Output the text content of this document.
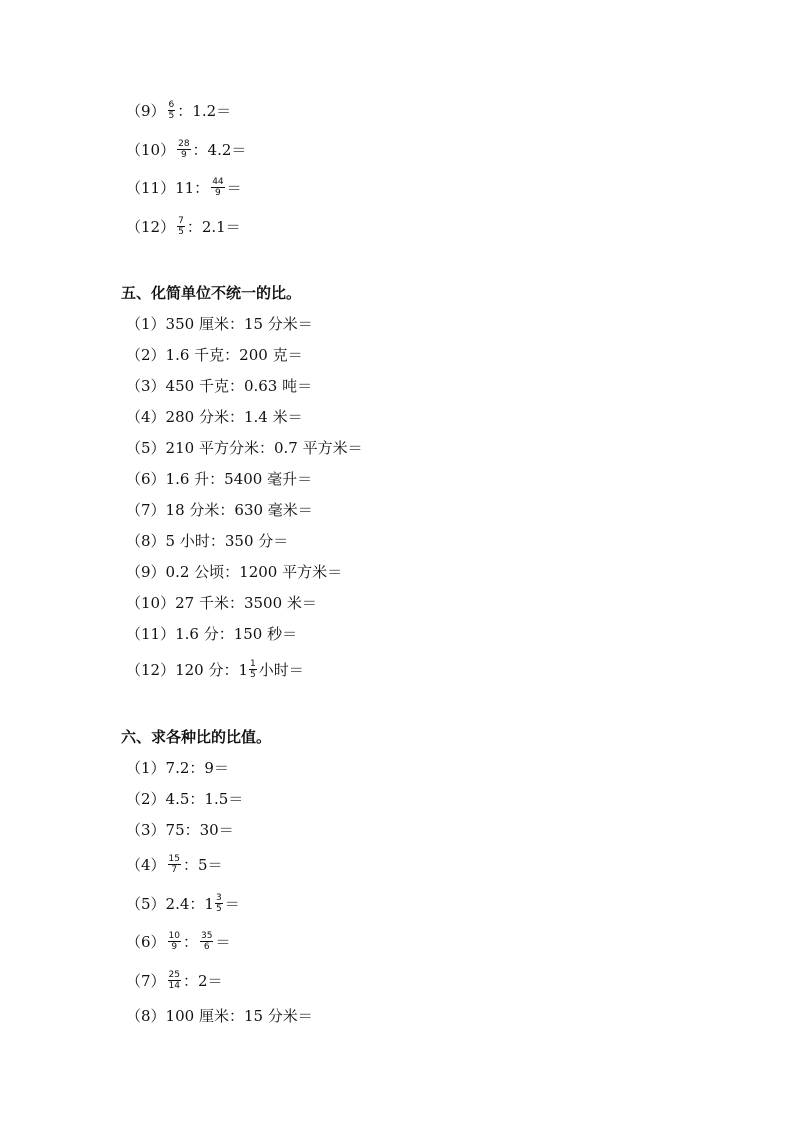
$(9) \frac{6}{5}$ ：1.2＝
$(10) \frac{28}{9}$ ：4.2＝
（11） 11： $\frac{44}{9}$ ＝
$(12) \frac{7}{5}$ ：2.1＝
五、化简单位不统一的比。
（1） 350 厘米：15 分米＝
（2） 1.6 千克：200 克＝
（3） 450 千克：0.63 吨＝
（4） 280 分米：1.4 米＝
（5） 210 平方分米：0.7 平方米＝
（6） 1.6 升：5400 毫升＝
（7） 18 分米：630 毫米＝
（8） 5 小时：350 分＝
（9） 0.2 公顷：1200 平方米＝
（10） 27 千米：3500 米＝
（11） 1.6 分：150 秒＝
（12） 120 分： $1 \frac{1}{5}$ 小时＝
六、求各种比的比值。
（1） 7.2：9＝
（2） 4.5：1.5＝
（3） 75：30＝
$(4) \frac{15}{7}$ ：5＝
（5） 2.4： $1 \frac{3}{5}$ ＝
$(6) \frac{10}{9}$ ： $\frac{35}{6}$ ＝
$(7) \frac{25}{14}$ ：2＝
（8） 100 厘米：15 分米＝
